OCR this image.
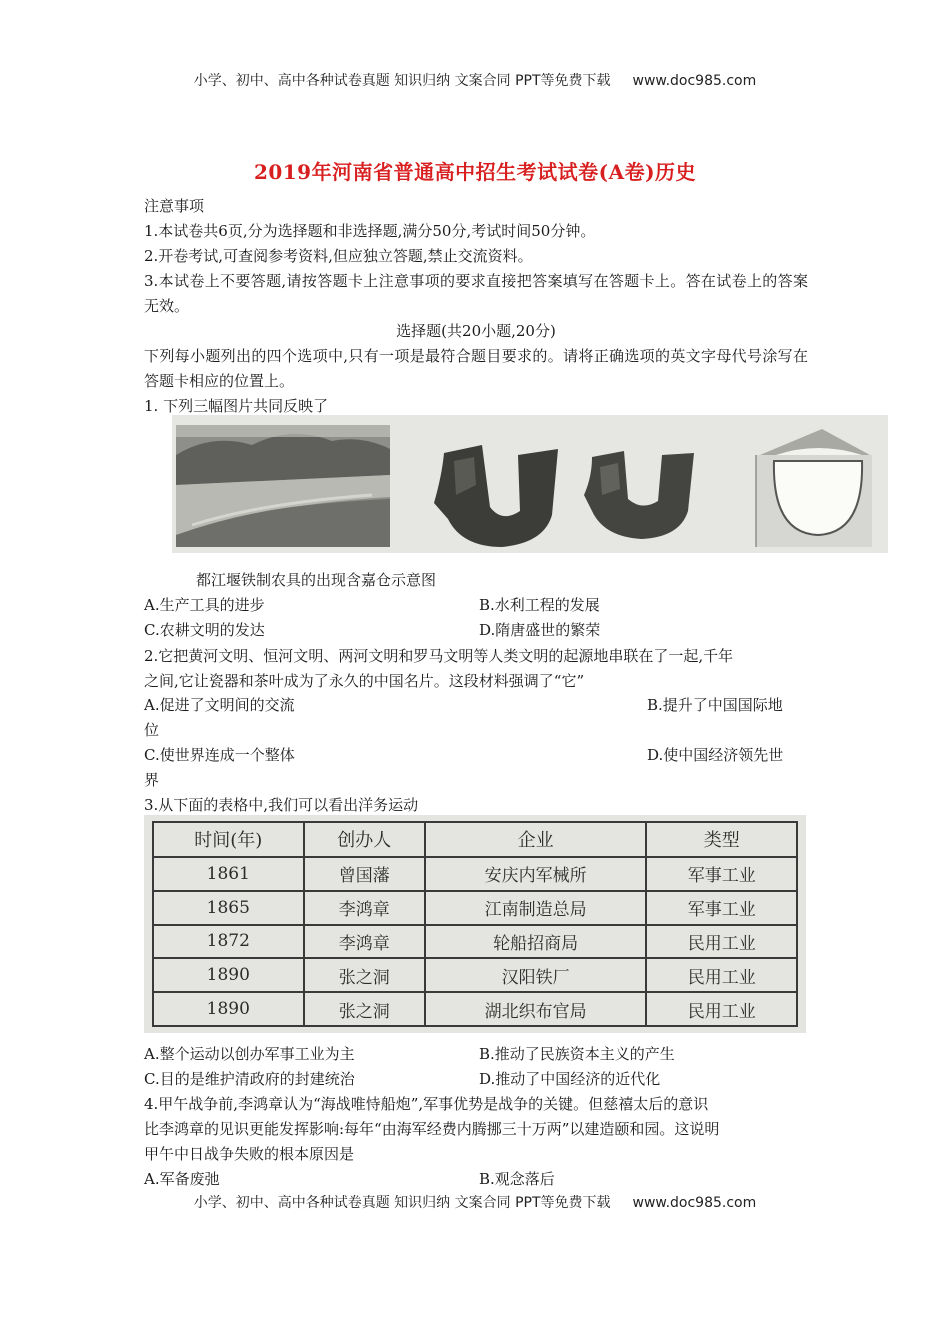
小学、初中、高中各种试卷真题 知识归纳 文案合同 PPT等免费下载 www.doc985.com
2019年河南省普通高中招生考试试卷(A卷)历史
注意事项
1.本试卷共6页,分为选择题和非选择题,满分50分,考试时间50分钟。
2.开卷考试,可查阅参考资料,但应独立答题,禁止交流资料。
3.本试卷上不要答题,请按答题卡上注意事项的要求直接把答案填写在答题卡上。答在试卷上的答案无效。
选择题(共20小题,20分)
下列每小题列出的四个选项中,只有一项是最符合题目要求的。请将正确选项的英文字母代号涂写在答题卡相应的位置上。
1. 下列三幅图片共同反映了
都江堰铁制农具的出现含嘉仓示意图
A.生产工具的进步	B.水利工程的发展
C.农耕文明的发达	D.隋唐盛世的繁荣
2.它把黄河文明、恒河文明、两河文明和罗马文明等人类文明的起源地串联在了一起,千年
之间,它让瓷器和茶叶成为了永久的中国名片。这段材料强调了“它”
A.促进了文明间的交流	B.提升了中国国际地
位
C.使世界连成一个整体	D.使中国经济领先世
界
3.从下面的表格中,我们可以看出洋务运动
时间(年)	创办人	企业	类型
1861	曾国藩	安庆内军械所	军事工业
1865	李鸿章	江南制造总局	军事工业
1872	李鸿章	轮船招商局	民用工业
1890	张之洞	汉阳铁厂	民用工业
1890	张之洞	湖北织布官局	民用工业
A.整个运动以创办军事工业为主	B.推动了民族资本主义的产生
C.目的是维护清政府的封建统治	D.推动了中国经济的近代化
4.甲午战争前,李鸿章认为“海战唯恃船炮”,军事优势是战争的关键。但慈禧太后的意识
比李鸿章的见识更能发挥影响:每年“由海军经费内腾挪三十万两”以建造颐和园。这说明
甲午中日战争失败的根本原因是
A.军备废弛	B.观念落后
小学、初中、高中各种试卷真题 知识归纳 文案合同 PPT等免费下载 www.doc985.com
